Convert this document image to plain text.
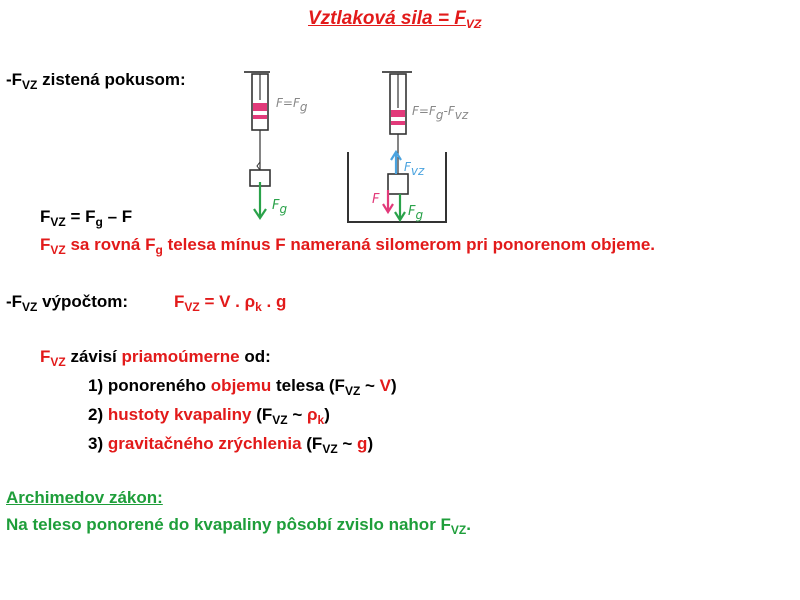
Vztlaková sila = $F_{VZ}$
$-F_{VZ}$ zistená pokusom:
$F=F_g$
$F_g$
$F=F_g-F_{vz}$
$F_{vz}$
F
$F_g$
$F_{VZ} = F_g - F$
$F_{VZ}$ sa rovná $F_g$ telesa mínus F nameraná silomerom pri ponorenom objeme.
$-F_{VZ}$ výpočtom:	$F_{VZ} = V$ . $\rho_k$ . g
$F_{VZ}$ závisí priamoúmerne od:
1) ponoreného objemu telesa ($F_{VZ}$ ~ V)
2) hustoty kvapaliny ($F_{VZ}$ ~ $\rho_k$)
3) gravitačného zrýchlenia ($F_{VZ}$ ~ g)
Archimedov zákon:
Na teleso ponorené do kvapaliny pôsobí zvislo nahor $F_{VZ}$.
